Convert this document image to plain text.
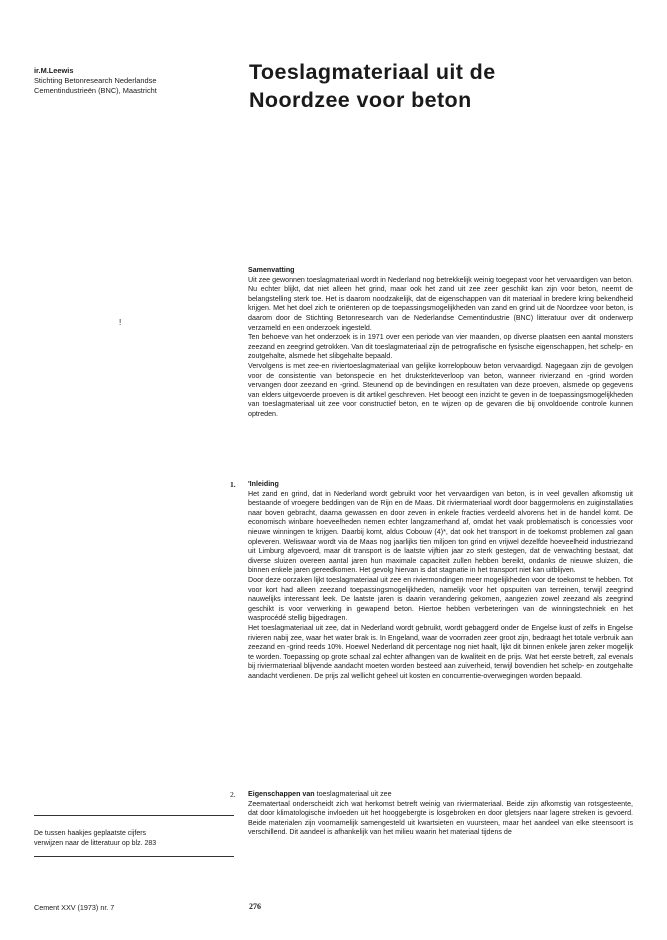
ir.M.Leewis
Stichting Betonresearch Nederlandse
Cementindustrieën (BNC), Maastricht
Toeslagmateriaal uit de
Noordzee voor beton
!

Samenvatting

Uit zee gewonnen toeslagmateriaal wordt in Nederland nog betrekkelijk weinig toegepast voor het vervaardigen van beton. Nu echter blijkt, dat niet alleen het grind, maar ook het zand uit zee zeer geschikt kan zijn voor beton, neemt de belangstelling sterk toe. Het is daarom noodzakelijk, dat de eigenschappen van dit materiaal in bredere kring bekendheid krijgen. Met het doel zich te oriënteren op de toepassingsmogelijkheden van zand en grind uit de Noordzee voor beton, is daarom door de Stichting Betonresearch van de Nederlandse Cementindustrie (BNC) litteratuur over dit onderwerp verzameld en een onderzoek ingesteld.

Ten behoeve van het onderzoek is in 1971 over een periode van vier maanden, op diverse plaatsen een aantal monsters zeezand en zeegrind getrokken. Van dit toeslagmateriaal zijn de petrografische en fysische eigenschappen, het schelp- en zoutgehalte, alsmede het slibgehalte bepaald.

Vervolgens is met zee-en riviertoeslagmateriaal van gelijke korrelopbouw beton vervaardigd. Nagegaan zijn de gevolgen voor de consistentie van betonspecie en het druksterkteverloop van beton, wanneer rivierzand en -grind worden vervangen door zeezand en -grind. Steunend op de bevindingen en resultaten van deze proeven, alsmede op gegevens van elders uitgevoerde proeven is dit artikel geschreven. Het beoogt een inzicht te geven in de toepassingsmogelijkheden van toeslagmateriaal uit zee voor constructief beton, en te wijzen op de gevaren die bij onvoldoende controle kunnen optreden.

1. 'Inleiding

Het zand en grind, dat in Nederland wordt gebruikt voor het vervaardigen van beton, is in veel gevallen afkomstig uit bestaande of vroegere beddingen van de Rijn en de Maas. Dit riviermateriaal wordt door baggermolens en zuiginstallaties naar boven gebracht, daarna gewassen en door zeven in enkele fracties verdeeld alvorens het in de handel komt. De economisch winbare hoeveelheden nemen echter langzamerhand af, omdat het vaak problematisch is concessies voor nieuwe winningen te krijgen. Daarbij komt, aldus Cobouw (4)*, dat ook het transport in de toekomst problemen zal gaan opleveren. Weliswaar wordt via de Maas nog jaarlijks tien miljoen ton grind en vrijwel dezelfde hoeveelheid industriezand uit Limburg afgevoerd, maar dit transport is de laatste vijftien jaar zo sterk gestegen, dat de verwachting bestaat, dat diverse sluizen overeen aantal jaren hun maximale capaciteit zullen hebben bereikt, ondanks de nieuwe sluizen, die binnen enkele jaren gereedkomen. Het gevolg hiervan is dat stagnatie in het transport niet kan uitblijven.

Door deze oorzaken lijkt toeslagmateriaal uit zee en riviermondingen meer mogelijkheden voor de toekomst te hebben. Tot voor kort had alleen zeezand toepassingsmogelijkheden, namelijk voor het opspuiten van terreinen, terwijl zeegrind nauwelijks interessant leek. De laatste jaren is daarin verandering gekomen, aangezien zowel zeezand als zeegrind geschikt is voor verwerking in gewapend beton. Hiertoe hebben verbeteringen van de winningstechniek en het wasprocédé stellig bijgedragen.

Het toeslagmateriaal uit zee, dat in Nederland wordt gebruikt, wordt gebaggerd onder de Engelse kust of zelfs in Engelse rivieren nabij zee, waar het water brak is. In Engeland, waar de voorraden zeer groot zijn, bedraagt het totale verbruik aan zeezand en -grind reeds 10%. Hoewel Nederland dit percentage nog niet haalt, lijkt dit binnen enkele jaren zeker mogelijk te worden. Toepassing op grote schaal zal echter afhangen van de kwaliteit en de prijs. Wat het eerste betreft, zal evenals bij riviermateriaal blijvende aandacht moeten worden besteed aan zuiverheid, terwijl bovendien het schelp- en zoutgehalte aandacht verdienen. De prijs zal wellicht geheel uit kosten en concurrentie-overwegingen worden bepaald.

2. Eigenschappen van toeslagmateriaal uit zee

Zeematertaal onderscheidt zich wat herkomst betreft weinig van riviermateriaal. Beide zijn afkomstig van rotsgesteente, dat door klimatologische invloeden uit het hooggebergte is losgebroken en door gletsjers naar lagere streken is gevoerd. Beide materialen zijn voornamelijk samengesteld uit kwartsieten en vuursteen, maar het aandeel van elke steensoort is verschillend. Dit aandeel is afhankelijk van het milieu waarin het materiaal tijdens de

De tussen haakjes geplaatste cijfers
verwijzen naar de litteratuur op blz. 283
Cement XXV (1973) nr. 7	276
